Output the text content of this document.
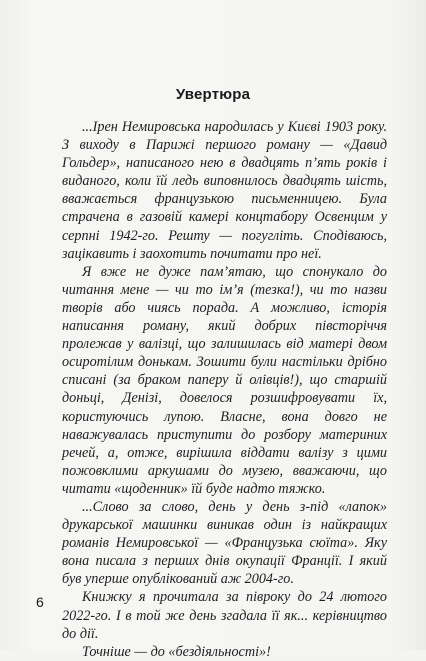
Увертюра

...Ірен Немировська народилась у Києві 1903 року. З виходу в Парижі першого роману — «Давид Гольдер», написаного нею в двадцять п’ять років і виданого, коли їй ледь виповнилось двадцять шість, вважається французькою письменницею. Була страчена в газовій камері концтабору Освенцим у серпні 1942-го. Решту — погугліть. Сподіваюсь, зацікавить і заохотить почитати про неї.

Я вже не дуже пам’ятаю, що спонукало до читання мене — чи то ім’я (тезка!), чи то назви творів або чиясь порада. А можливо, історія написання роману, який добрих півсторіччя пролежав у валізці, що залишилась від матері двом осиротілим донькам. Зошити були настільки дрібно списані (за браком паперу й олівців!), що старшій доньці, Денізі, довелося розшифровувати їх, користуючись лупою. Власне, вона довго не наважувалась приступити до розбору материних речей, а, отже, вирішила віддати валізу з цими пожовклими аркушами до музею, вважаючи, що читати «щоденник» їй буде надто тяжко.

...Слово за слово, день у день з-під «лапок» друкарської машинки виникав один із найкращих романів Немировської — «Французька сюїта». Яку вона писала з перших днів окупації Франції. І який був уперше опублікований аж 2004-го.

Книжку я прочитала за півроку до 24 лютого 2022-го. І в той же день згадала її як... керівництво до дії.

Точніше — до «бездіяльності»!

6
